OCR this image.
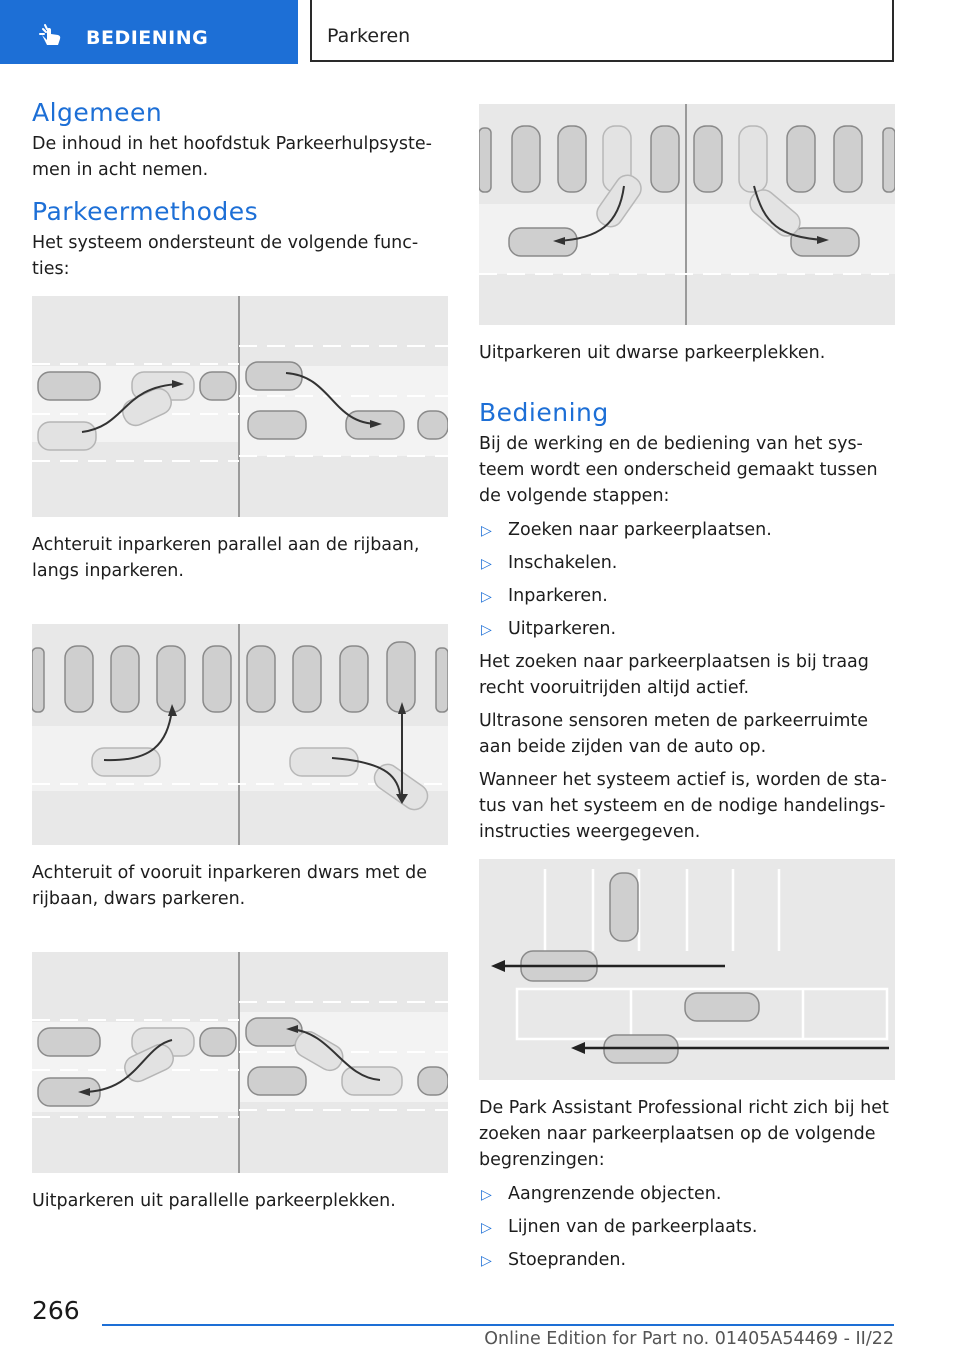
BEDIENING	Parkeren
Algemeen

De inhoud in het hoofdstuk Parkeerhulpsyste-men in acht nemen.

Parkeermethodes

Het systeem ondersteunt de volgende func-ties:

Achteruit inparkeren parallel aan de rijbaan, langs inparkeren.

Achteruit of vooruit inparkeren dwars met de rijbaan, dwars parkeren.

Uitparkeren uit parallelle parkeerplekken.

Uitparkeren uit dwarse parkeerplekken.

Bediening

Bij de werking en de bediening van het sys-teem wordt een onderscheid gemaakt tussen de volgende stappen:

▷ Zoeken naar parkeerplaatsen.
▷ Inschakelen.
▷ Inparkeren.
▷ Uitparkeren.

Het zoeken naar parkeerplaatsen is bij traag recht vooruitrijden altijd actief.

Ultrasone sensoren meten de parkeerruimte aan beide zijden van de auto op.

Wanneer het systeem actief is, worden de sta-tus van het systeem en de nodige handelings-instructies weergegeven.

De Park Assistant Professional richt zich bij het zoeken naar parkeerplaatsen op de volgende begrenzingen:

▷ Aangrenzende objecten.
▷ Lijnen van de parkeerplaats.
▷ Stoepranden.
266
Online Edition for Part no. 01405A54469 - II/22
